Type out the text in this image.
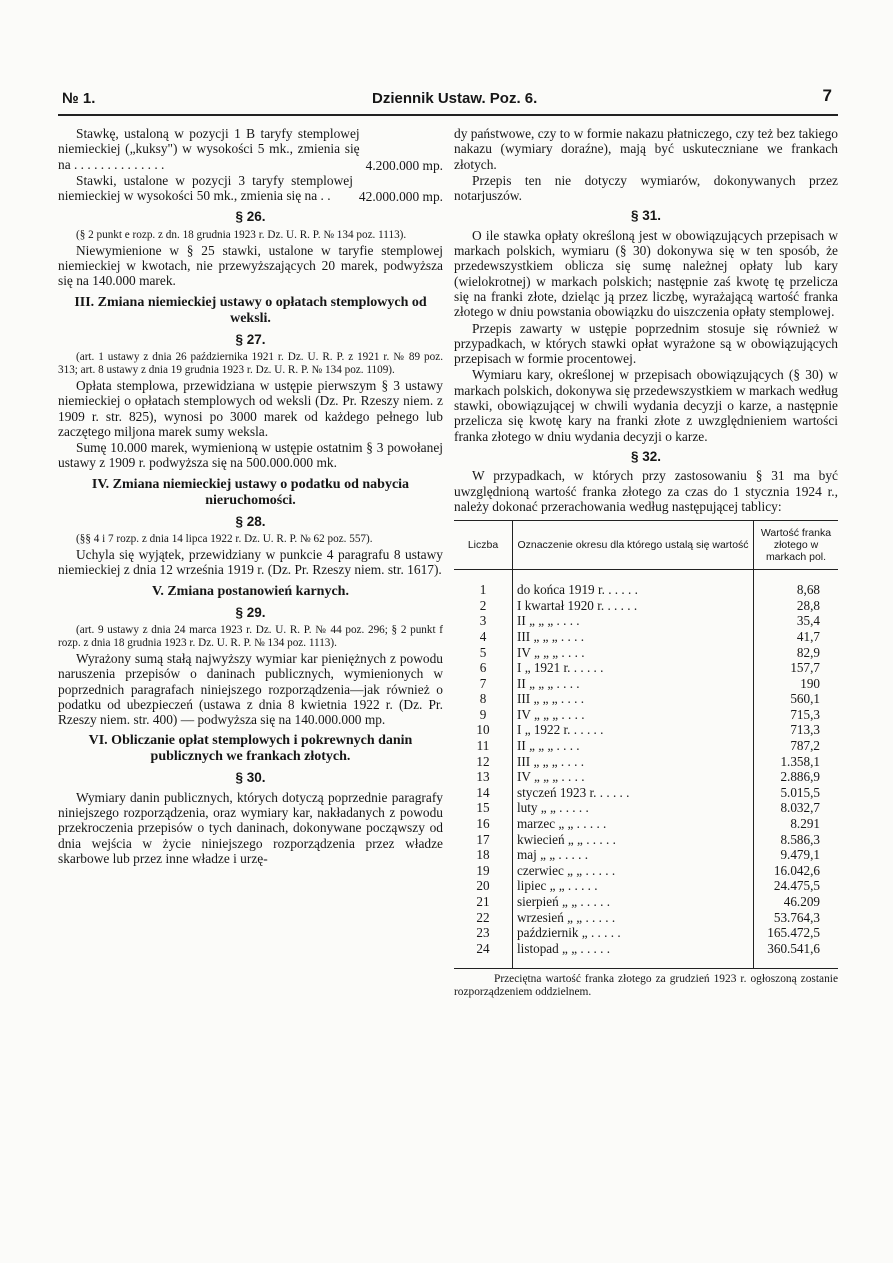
№ 1.	Dziennik Ustaw. Poz. 6.	7

Stawkę, ustaloną w pozycji 1 B taryfy stemplowej niemieckiej („kuksy") w wysokości 5 mk., zmienia się na . . . . . . . . . . . . . .	4.200.000 mp.

Stawki, ustalone w pozycji 3 taryfy stemplowej niemieckiej w wysokości 50 mk., zmienia się na . .	42.000.000 mp.
§ 26.

(§ 2 punkt e rozp. z dn. 18 grudnia 1923 r. Dz. U. R. P. № 134 poz. 1113).

Niewymienione w § 25 stawki, ustalone w taryfie stemplowej niemieckiej w kwotach, nie przewyższających 20 marek, podwyższa się na 140.000 marek.

III. Zmiana niemieckiej ustawy o opłatach stemplowych od weksli.
§ 27.

(art. 1 ustawy z dnia 26 października 1921 r. Dz. U. R. P. z 1921 r. № 89 poz. 313; art. 8 ustawy z dnia 19 grudnia 1923 r. Dz. U. R. P. № 134 poz. 1109).

Opłata stemplowa, przewidziana w ustępie pierwszym § 3 ustawy niemieckiej o opłatach stemplowych od weksli (Dz. Pr. Rzeszy niem. z 1909 r. str. 825), wynosi po 3000 marek od każdego pełnego lub zaczętego miljona marek sumy weksla.

Sumę 10.000 marek, wymienioną w ustępie ostatnim § 3 powołanej ustawy z 1909 r. podwyższa się na 500.000.000 mk.

IV. Zmiana niemieckiej ustawy o podatku od nabycia nieruchomości.
§ 28.

(§§ 4 i 7 rozp. z dnia 14 lipca 1922 r. Dz. U. R. P. № 62 poz. 557).

Uchyla się wyjątek, przewidziany w punkcie 4 paragrafu 8 ustawy niemieckiej z dnia 12 września 1919 r. (Dz. Pr. Rzeszy niem. str. 1617).

V. Zmiana postanowień karnych.
§ 29.

(art. 9 ustawy z dnia 24 marca 1923 r. Dz. U. R. P. № 44 poz. 296; § 2 punkt f rozp. z dnia 18 grudnia 1923 r. Dz. U. R. P. № 134 poz. 1113).

Wyrażony sumą stałą najwyższy wymiar kar pieniężnych z powodu naruszenia przepisów o daninach publicznych, wymienionych w poprzednich paragrafach niniejszego rozporządzenia—jak również o podatku od ubezpieczeń (ustawa z dnia 8 kwietnia 1922 r. (Dz. Pr. Rzeszy niem. str. 400) — podwyższa się na 140.000.000 mp.

VI. Obliczanie opłat stemplowych i pokrewnych danin publicznych we frankach złotych.
§ 30.

Wymiary danin publicznych, których dotyczą poprzednie paragrafy niniejszego rozporządzenia, oraz wymiary kar, nakładanych z powodu przekroczenia przepisów o tych daninach, dokonywane począwszy od dnia wejścia w życie niniejszego rozporządzenia przez władze skarbowe lub przez inne władze i urzę-

dy państwowe, czy to w formie nakazu płatniczego, czy też bez takiego nakazu (wymiary doraźne), mają być uskuteczniane we frankach złotych.

Przepis ten nie dotyczy wymiarów, dokonywanych przez notarjuszów.

§ 31.

O ile stawka opłaty określoną jest w obowiązujących przepisach w markach polskich, wymiaru (§ 30) dokonywa się w ten sposób, że przedewszystkiem oblicza się sumę należnej opłaty lub kary (wielokrotnej) w markach polskich; następnie zaś kwotę tę przelicza się na franki złote, dzieląc ją przez liczbę, wyrażającą wartość franka złotego w dniu powstania obowiązku do uiszczenia opłaty stemplowej.

Przepis zawarty w ustępie poprzednim stosuje się również w przypadkach, w których stawki opłat wyrażone są w obowiązujących przepisach w formie procentowej.

Wymiaru kary, określonej w przepisach obowiązujących (§ 30) w markach polskich, dokonywa się przedewszystkiem w markach według stawki, obowiązującej w chwili wydania decyzji o karze, a następnie przelicza się kwotę kary na franki złote z uwzględnieniem wartości franka złotego w dniu wydania decyzji o karze.

§ 32.

W przypadkach, w których przy zastosowaniu § 31 ma być uwzględnioną wartość franka złotego za czas do 1 stycznia 1924 r., należy dokonać przerachowania według następującej tablicy:

Liczba	Oznaczenie okresu dla którego ustalą się wartość	Wartość franka złotego w markach pol.
1	do końca 1919 r. . . . . .	8,68
2	I kwartał 1920 r. . . . . .	28,8
3	II „ „ „ . . . .	35,4
4	III „ „ „ . . . .	41,7
5	IV „ „ „ . . . .	82,9
6	I „ 1921 r. . . . . .	157,7
7	II „ „ „ . . . .	190
8	III „ „ „ . . . .	560,1
9	IV „ „ „ . . . .	715,3
10	I „ 1922 r. . . . . .	713,3
11	II „ „ „ . . . .	787,2
12	III „ „ „ . . . .	1.358,1
13	IV „ „ „ . . . .	2.886,9
14	styczeń 1923 r. . . . . .	5.015,5
15	luty „ „ . . . . .	8.032,7
16	marzec „ „ . . . . .	8.291
17	kwiecień „ „ . . . . .	8.586,3
18	maj „ „ . . . . .	9.479,1
19	czerwiec „ „ . . . . .	16.042,6
20	lipiec „ „ . . . . .	24.475,5
21	sierpień „ „ . . . . .	46.209
22	wrzesień „ „ . . . . .	53.764,3
23	październik „ . . . . .	165.472,5
24	listopad „ „ . . . . .	360.541,6

Przeciętna wartość franka złotego za grudzień 1923 r. ogłoszoną zostanie rozporządzeniem oddzielnem.
